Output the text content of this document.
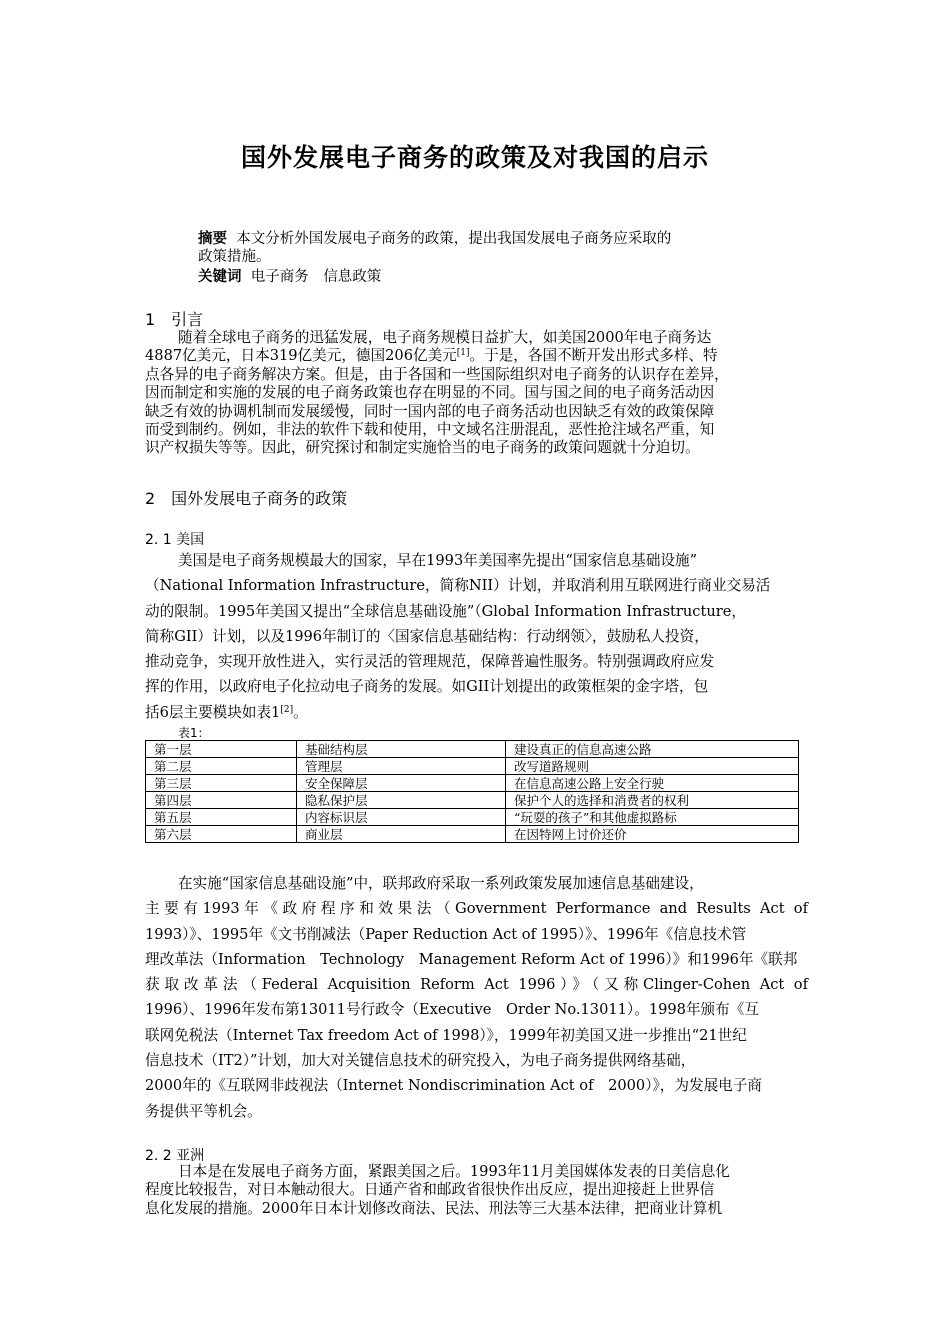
国外发展电子商务的政策及对我国的启示
摘要 本文分析外国发展电子商务的政策，提出我国发展电子商务应采取的
政策措施。
关键词 电子商务　信息政策
1　引言
随着全球电子商务的迅猛发展，电子商务规模日益扩大，如美国2000年电子商务达
4887亿美元，日本319亿美元，德国206亿美元[1]。于是，各国不断开发出形式多样、特
点各异的电子商务解决方案。但是，由于各国和一些国际组织对电子商务的认识存在差异，
因而制定和实施的发展的电子商务政策也存在明显的不同。国与国之间的电子商务活动因
缺乏有效的协调机制而发展缓慢，同时一国内部的电子商务活动也因缺乏有效的政策保障
而受到制约。例如，非法的软件下载和使用，中文域名注册混乱，恶性抢注域名严重，知
识产权损失等等。因此，研究探讨和制定实施恰当的电子商务的政策问题就十分迫切。
2　国外发展电子商务的政策
2. 1 美国
美国是电子商务规模最大的国家，早在1993年美国率先提出“国家信息基础设施”
（National Information Infrastructure，简称NII）计划，并取消利用互联网进行商业交易活
动的限制。1995年美国又提出“全球信息基础设施”（Global Information Infrastructure，
简称GII）计划，以及1996年制订的〈国家信息基础结构：行动纲领〉，鼓励私人投资，
推动竞争，实现开放性进入，实行灵活的管理规范，保障普遍性服务。特别强调政府应发
挥的作用，以政府电子化拉动电子商务的发展。如GII计划提出的政策框架的金字塔，包
括6层主要模块如表1[2]。
表1：
第一层	基础结构层	建设真正的信息高速公路
第二层	管理层	改写道路规则
第三层	安全保障层	在信息高速公路上安全行驶
第四层	隐私保护层	保护个人的选择和消费者的权利
第五层	内容标识层	“玩耍的孩子”和其他虚拟路标
第六层	商业层	在因特网上讨价还价
在实施“国家信息基础设施”中，联邦政府采取一系列政策发展加速信息基础建设，
主要有1993年《政府程序和效果法（Government Performance and Results Act of
1993）》、1995年《文书削减法（Paper Reduction Act of 1995）》、1996年《信息技术管
理改革法（Information　Technology　Management Reform Act of 1996）》和1996年《联邦
获取改革法（Federal Acquisition Reform Act 1996）》（又称Clinger-Cohen Act of
1996）、1996年发布第13011号行政令（Executive　Order No.13011）。1998年颁布《互
联网免税法（Internet Tax freedom Act of 1998）》，1999年初美国又进一步推出“21世纪
信息技术（IT2）”计划，加大对关键信息技术的研究投入，为电子商务提供网络基础，
2000年的《互联网非歧视法（Internet Nondiscrimination Act of　2000）》，为发展电子商
务提供平等机会。
2. 2 亚洲
日本是在发展电子商务方面，紧跟美国之后。1993年11月美国媒体发表的日美信息化
程度比较报告，对日本触动很大。日通产省和邮政省很快作出反应，提出迎接赶上世界信
息化发展的措施。2000年日本计划修改商法、民法、刑法等三大基本法律，把商业计算机
